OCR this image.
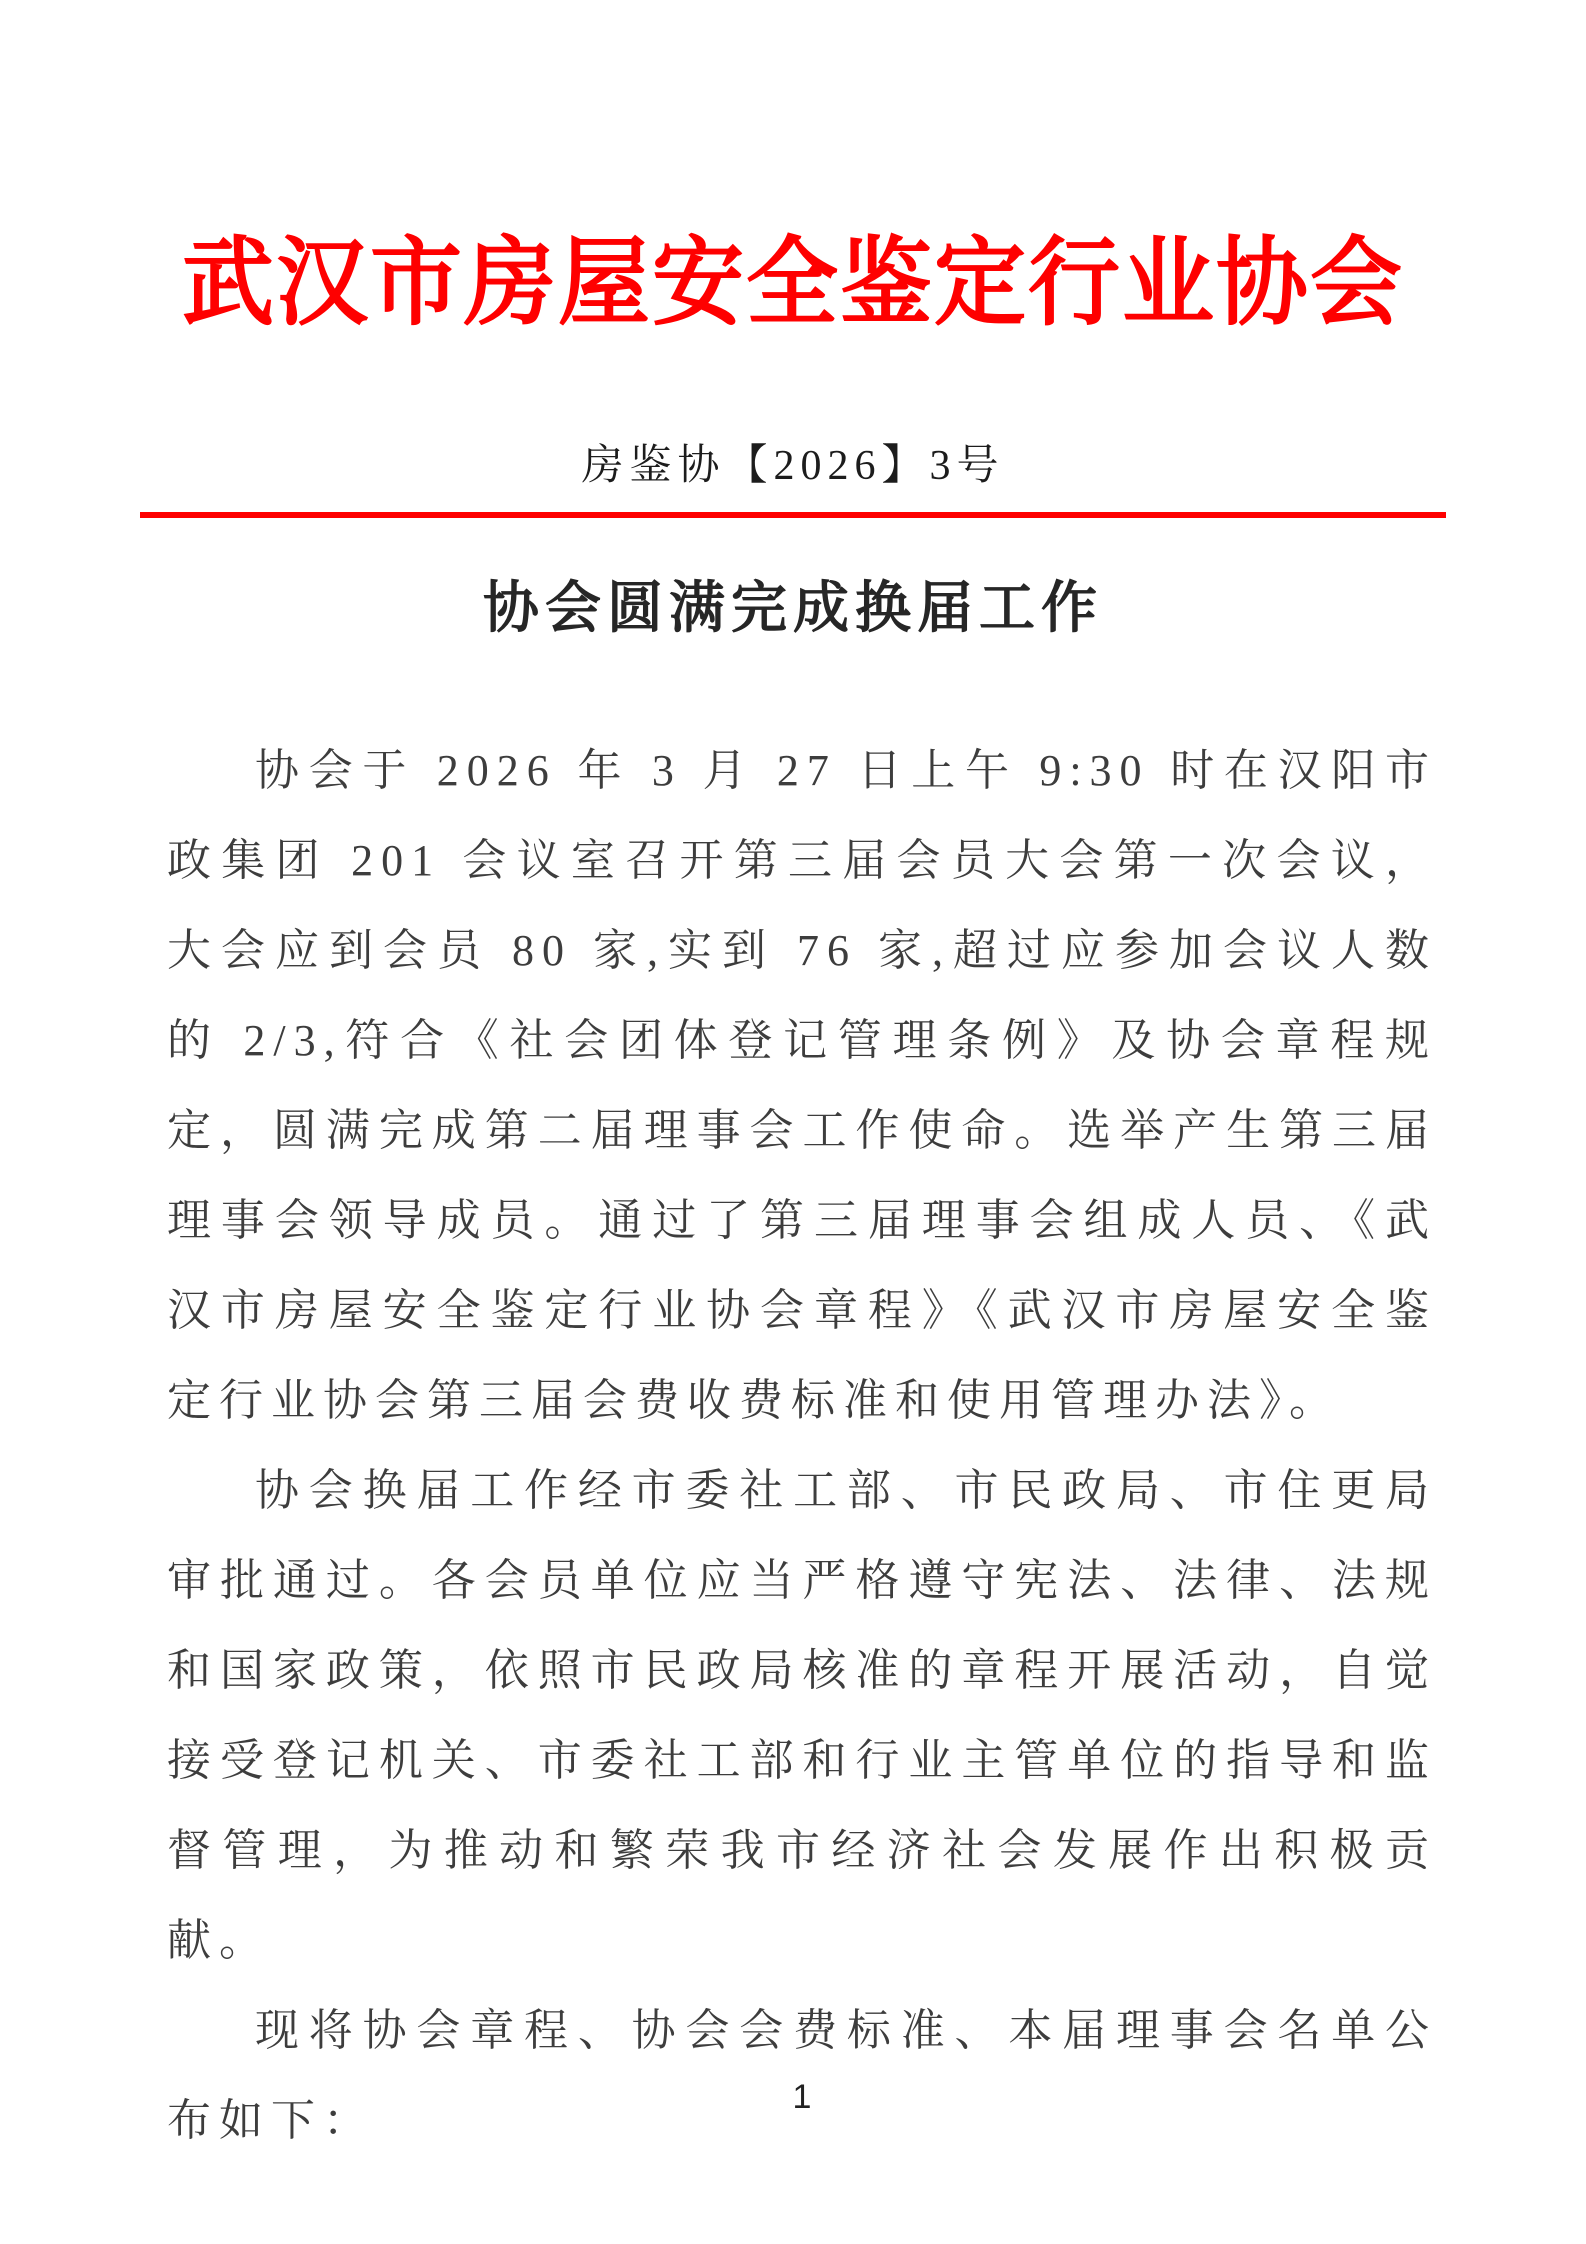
武汉市房屋安全鉴定行业协会
房鉴协【2026】3号
协会圆满完成换届工作

协会于 2026 年 3 月 27 日上午 9:30 时在汉阳市政集团 201 会议室召开第三届会员大会第一次会议，大会应到会员 80 家,实到 76 家,超过应参加会议人数的 2/3,符合《社会团体登记管理条例》及协会章程规定，圆满完成第二届理事会工作使命。选举产生第三届理事会领导成员。通过了第三届理事会组成人员、《武汉市房屋安全鉴定行业协会章程》《武汉市房屋安全鉴定行业协会第三届会费收费标准和使用管理办法》。

协会换届工作经市委社工部、市民政局、市住更局审批通过。各会员单位应当严格遵守宪法、法律、法规和国家政策，依照市民政局核准的章程开展活动，自觉接受登记机关、市委社工部和行业主管单位的指导和监督管理，为推动和繁荣我市经济社会发展作出积极贡献。

现将协会章程、协会会费标准、本届理事会名单公布如下：	1
